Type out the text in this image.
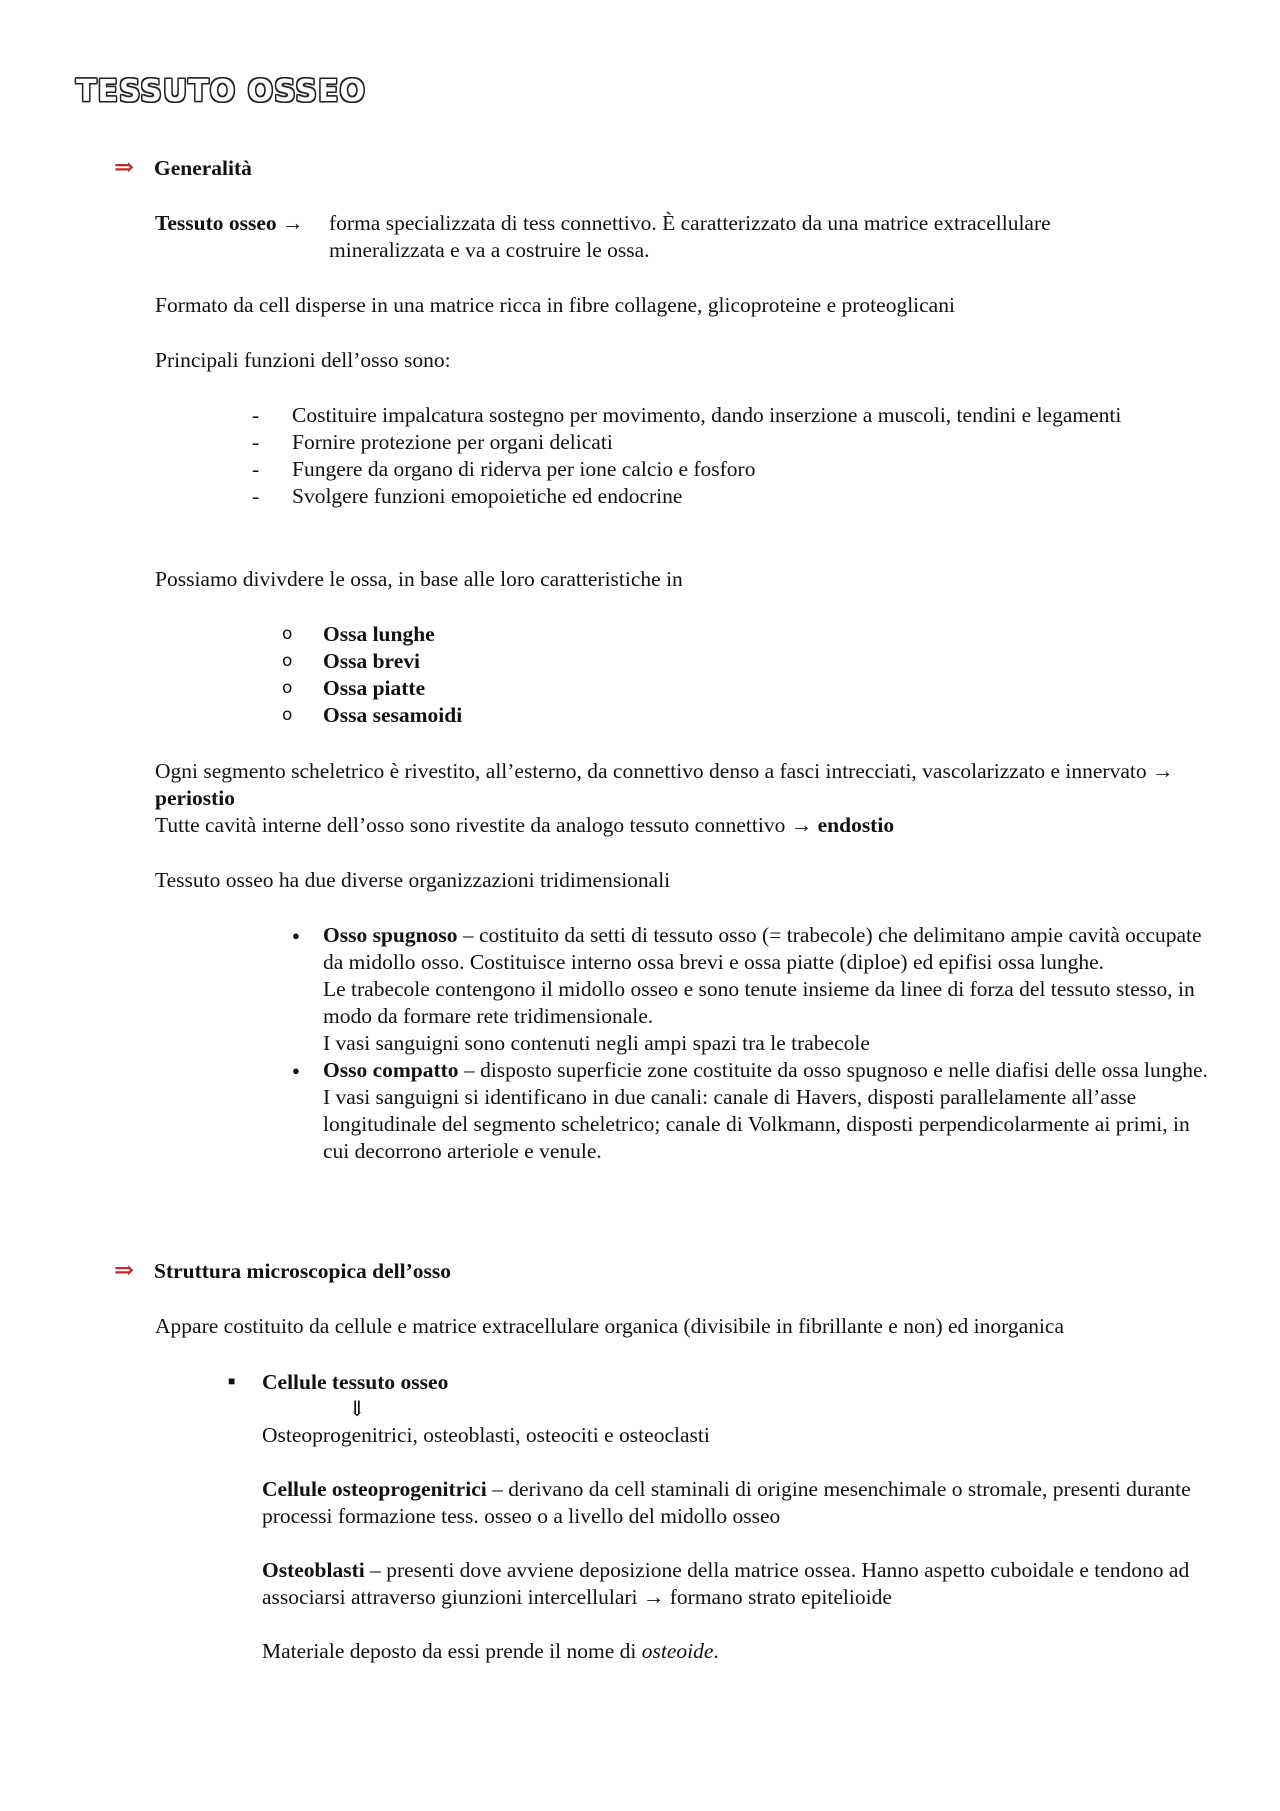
TESSUTO OSSEO
⇒ Generalità
Tessuto osseo → forma specializzata di tess connettivo. È caratterizzato da una matrice extracellulare
mineralizzata e va a costruire le ossa.
Formato da cell disperse in una matrice ricca in fibre collagene, glicoproteine e proteoglicani
Principali funzioni dell’osso sono:
- Costituire impalcatura sostegno per movimento, dando inserzione a muscoli, tendini e legamenti
- Fornire protezione per organi delicati
- Fungere da organo di riderva per ione calcio e fosforo
- Svolgere funzioni emopoietiche ed endocrine
Possiamo divivdere le ossa, in base alle loro caratteristiche in
o Ossa lunghe
o Ossa brevi
o Ossa piatte
o Ossa sesamoidi
Ogni segmento scheletrico è rivestito, all’esterno, da connettivo denso a fasci intrecciati, vascolarizzato e innervato → periostio
Tutte cavità interne dell’osso sono rivestite da analogo tessuto connettivo → endostio
Tessuto osseo ha due diverse organizzazioni tridimensionali
● Osso spugnoso – costituito da setti di tessuto osso (= trabecole) che delimitano ampie cavità occupate da midollo osso. Costituisce interno ossa brevi e ossa piatte (diploe) ed epifisi ossa lunghe.
Le trabecole contengono il midollo osseo e sono tenute insieme da linee di forza del tessuto stesso, in modo da formare rete tridimensionale.
I vasi sanguigni sono contenuti negli ampi spazi tra le trabecole
● Osso compatto – disposto superficie zone costituite da osso spugnoso e nelle diafisi delle ossa lunghe.
I vasi sanguigni si identificano in due canali: canale di Havers, disposti parallelamente all’asse longitudinale del segmento scheletrico; canale di Volkmann, disposti perpendicolarmente ai primi, in cui decorrono arteriole e venule.
⇒ Struttura microscopica dell’osso
Appare costituito da cellule e matrice extracellulare organica (divisibile in fibrillante e non) ed inorganica
■ Cellule tessuto osseo
⇓
Osteoprogenitrici, osteoblasti, osteociti e osteoclasti
Cellule osteoprogenitrici – derivano da cell staminali di origine mesenchimale o stromale, presenti durante processi formazione tess. osseo o a livello del midollo osseo
Osteoblasti – presenti dove avviene deposizione della matrice ossea. Hanno aspetto cuboidale e tendono ad associarsi attraverso giunzioni intercellulari → formano strato epitelioide
Materiale deposto da essi prende il nome di osteoide.
